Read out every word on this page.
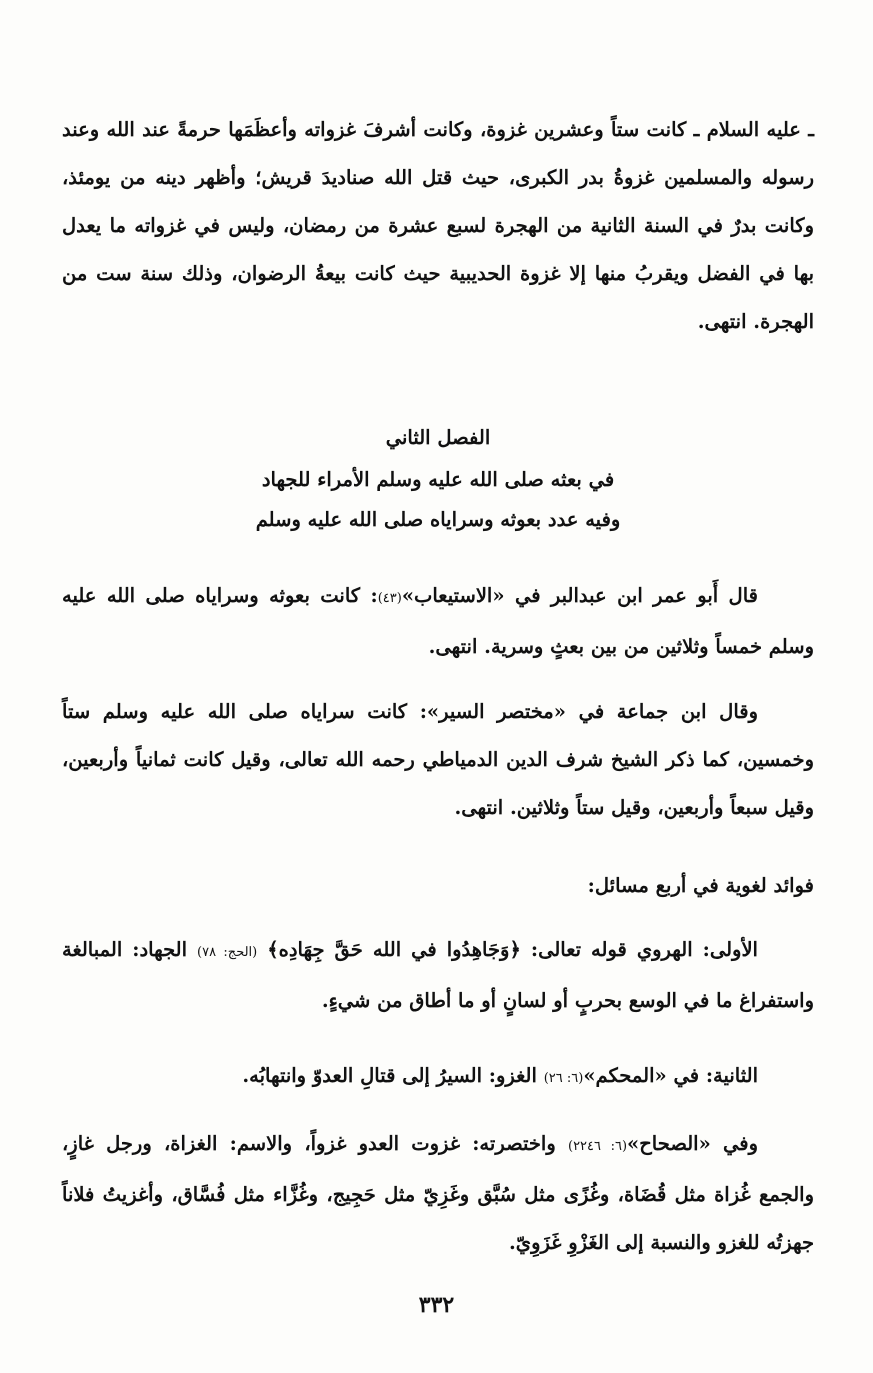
ـ عليه السلام ـ كانت ستاً وعشرين غزوة، وكانت أشرفَ غزواته وأعظَمَها حرمةً عند الله وعند رسوله والمسلمين غزوةُ بدر الكبرى، حيث قتل الله صناديدَ قريش؛ وأظهر دينه من يومئذ، وكانت بدرٌ في السنة الثانية من الهجرة لسبع عشرة من رمضان، وليس في غزواته ما يعدل بها في الفضل ويقربُ منها إلا غزوة الحديبية حيث كانت بيعةُ الرضوان، وذلك سنة ست من الهجرة. انتهى.
الفصل الثاني
في بعثه صلى الله عليه وسلم الأمراء للجهاد
وفيه عدد بعوثه وسراياه صلى الله عليه وسلم
قال أَبو عمر ابن عبدالبر في «الاستيعاب»(٤٣): كانت بعوثه وسراياه صلى الله عليه وسلم خمساً وثلاثين من بين بعثٍ وسرية. انتهى.
وقال ابن جماعة في «مختصر السير»: كانت سراياه صلى الله عليه وسلم ستاً وخمسين، كما ذكر الشيخ شرف الدين الدمياطي رحمه الله تعالى، وقيل كانت ثمانياً وأربعين، وقيل سبعاً وأربعين، وقيل ستاً وثلاثين. انتهى.
فوائد لغوية في أربع مسائل:
الأولى: الهروي قوله تعالى: ﴿وَجَاهِدُوا في الله حَقَّ جِهَادِه﴾ (الحج: ٧٨) الجهاد: المبالغة واستفراغ ما في الوسع بحربٍ أو لسانٍ أو ما أطاق من شيءٍ.
الثانية: في «المحكم»(٦: ٢٦) الغزو: السيرُ إلى قتالِ العدوّ وانتهابُه.
وفي «الصحاح»(٦: ٢٢٤٦) واختصرته: غزوت العدو غزواً، والاسم: الغزاة، ورجل غازٍ، والجمع غُزاة مثل قُضَاة، وغُزًى مثل سُبَّق وغَزِيّ مثل حَجِيج، وغُزَّاء مثل فُسَّاق، وأغزيتُ فلاناً جهزتُه للغزو والنسبة إلى الغَزْوِ غَزَوِيّ.
٣٣٢
